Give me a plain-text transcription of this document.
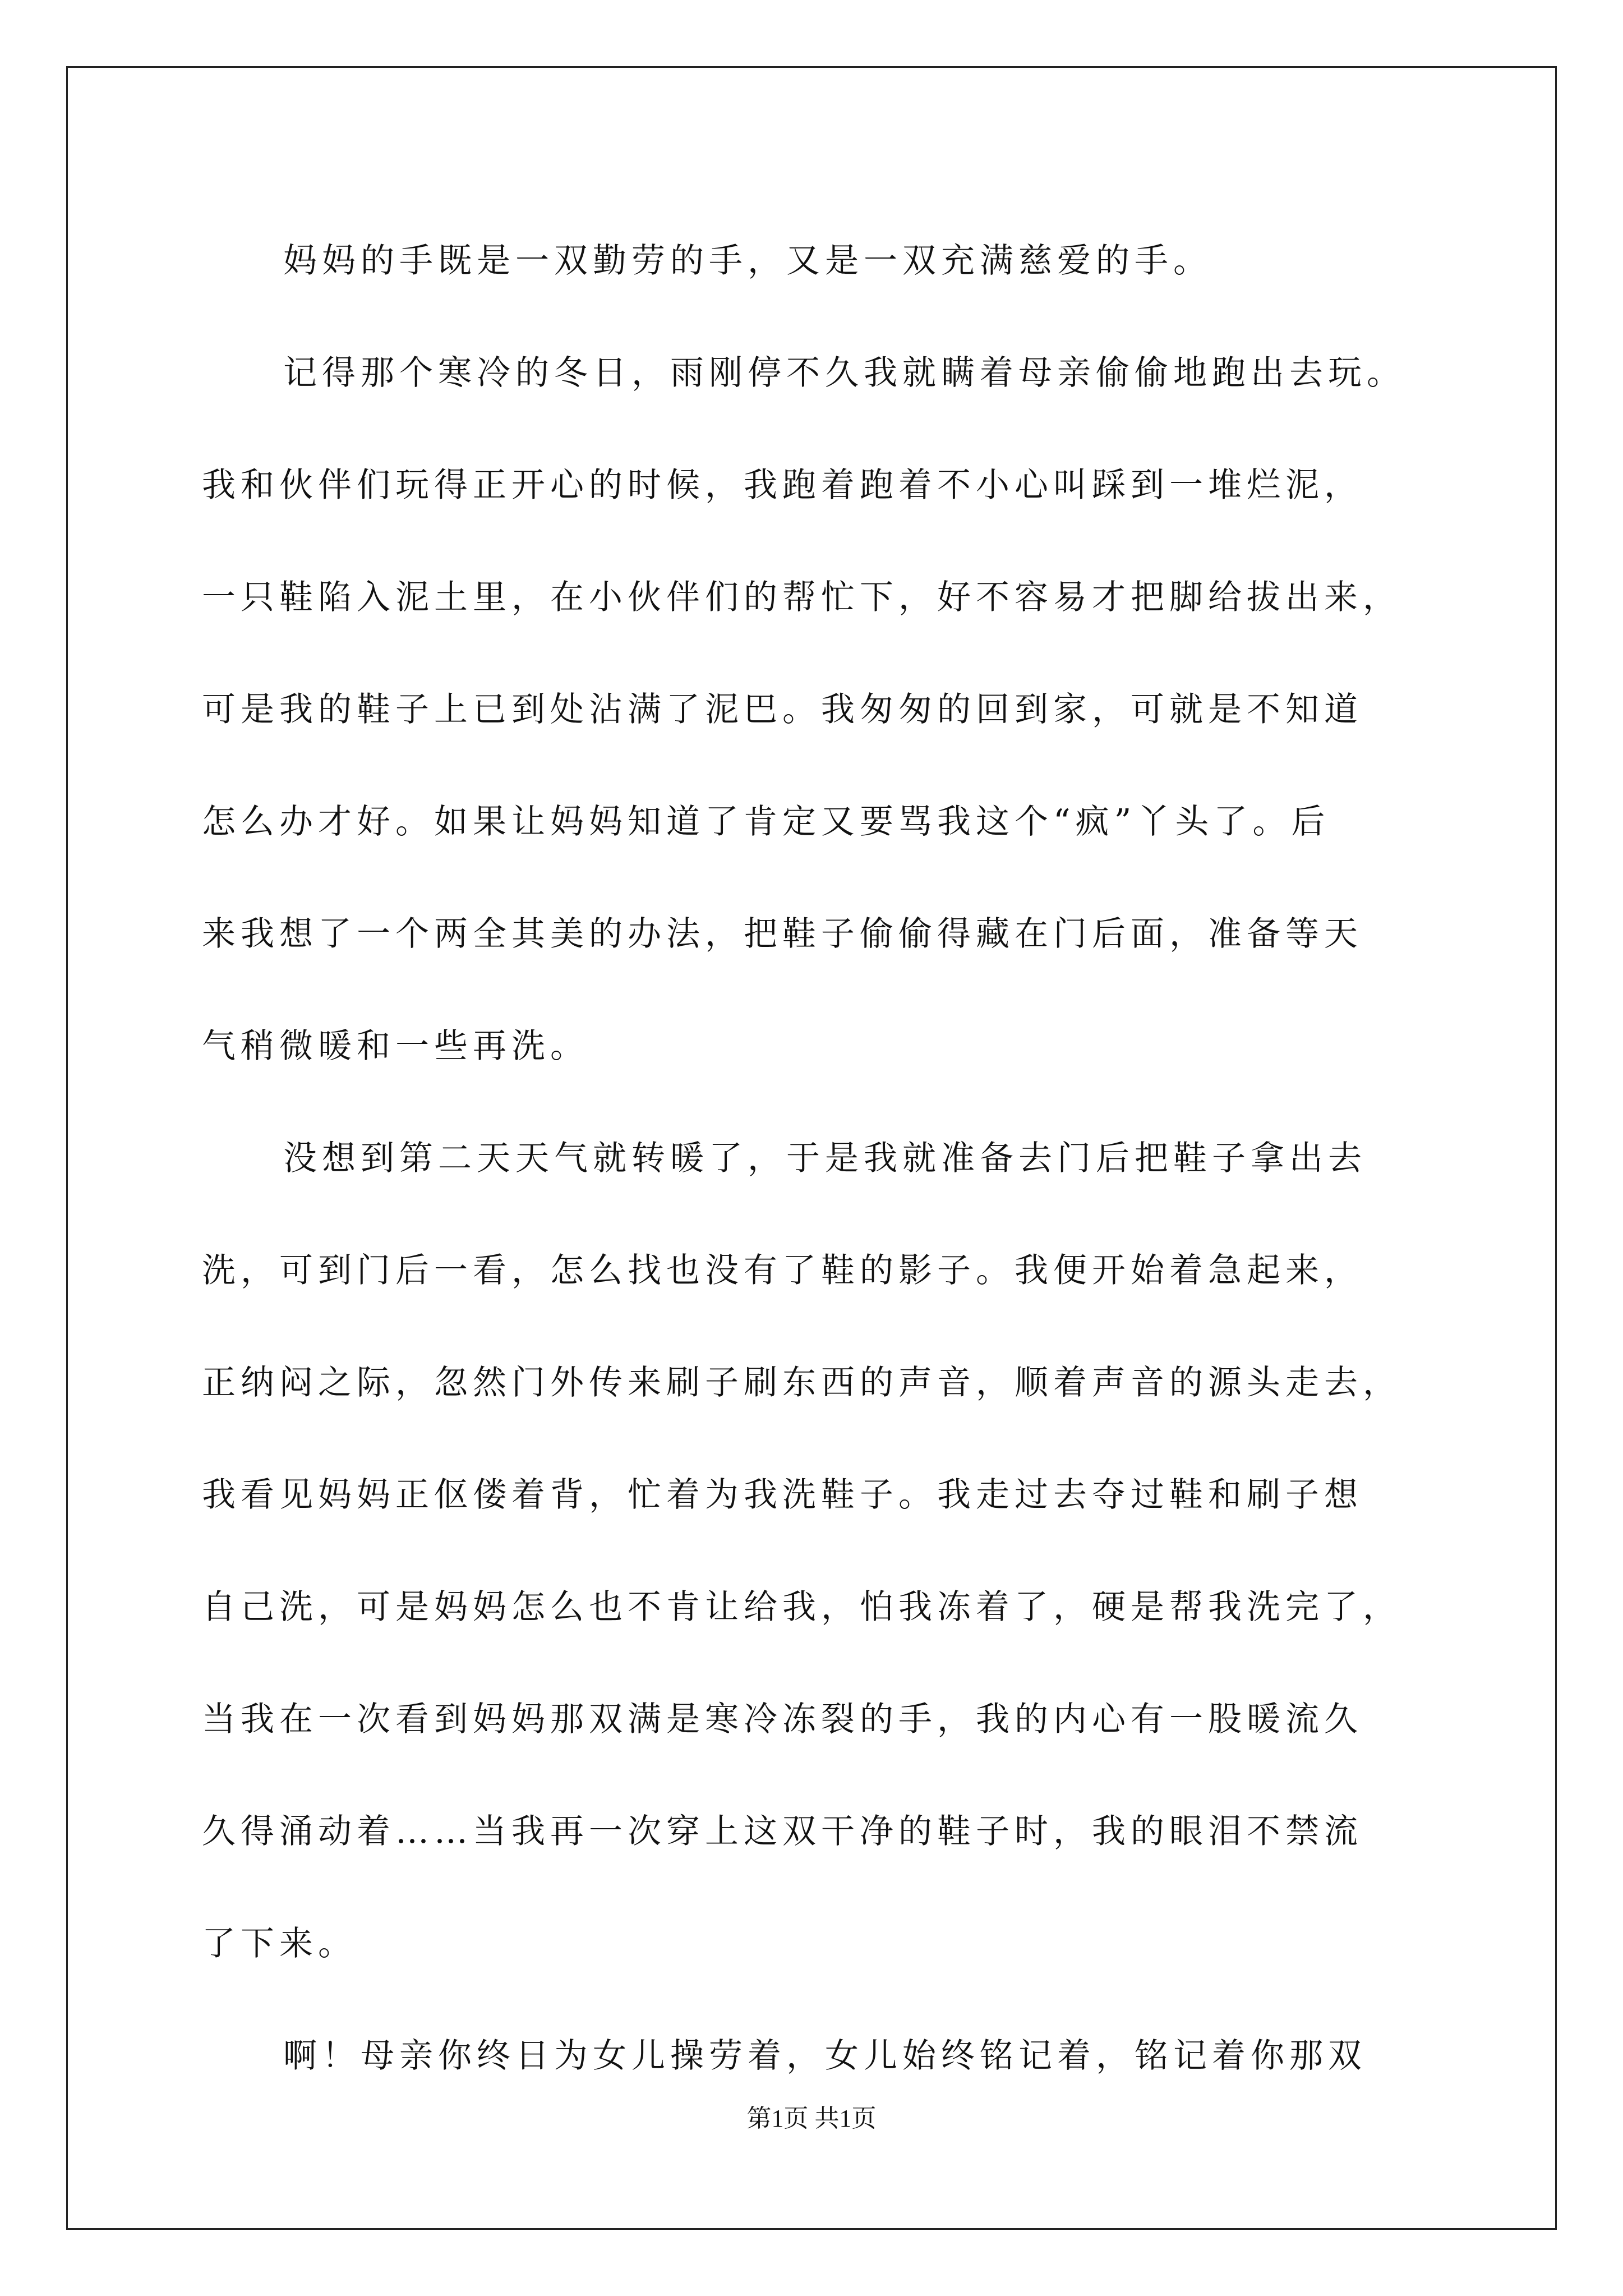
妈妈的手既是一双勤劳的手，又是一双充满慈爱的手。
记得那个寒冷的冬日，雨刚停不久我就瞒着母亲偷偷地跑出去玩。
我和伙伴们玩得正开心的时候，我跑着跑着不小心叫踩到一堆烂泥，
一只鞋陷入泥土里，在小伙伴们的帮忙下，好不容易才把脚给拔出来，
可是我的鞋子上已到处沾满了泥巴。我匆匆的回到家，可就是不知道
怎么办才好。如果让妈妈知道了肯定又要骂我这个“疯”丫头了。后
来我想了一个两全其美的办法，把鞋子偷偷得藏在门后面，准备等天
气稍微暖和一些再洗。
没想到第二天天气就转暖了，于是我就准备去门后把鞋子拿出去
洗，可到门后一看，怎么找也没有了鞋的影子。我便开始着急起来，
正纳闷之际，忽然门外传来刷子刷东西的声音，顺着声音的源头走去，
我看见妈妈正伛偻着背，忙着为我洗鞋子。我走过去夺过鞋和刷子想
自己洗，可是妈妈怎么也不肯让给我，怕我冻着了，硬是帮我洗完了，
当我在一次看到妈妈那双满是寒冷冻裂的手，我的内心有一股暖流久
久得涌动着……当我再一次穿上这双干净的鞋子时，我的眼泪不禁流
了下来。
啊！母亲你终日为女儿操劳着，女儿始终铭记着，铭记着你那双
第1页 共1页
